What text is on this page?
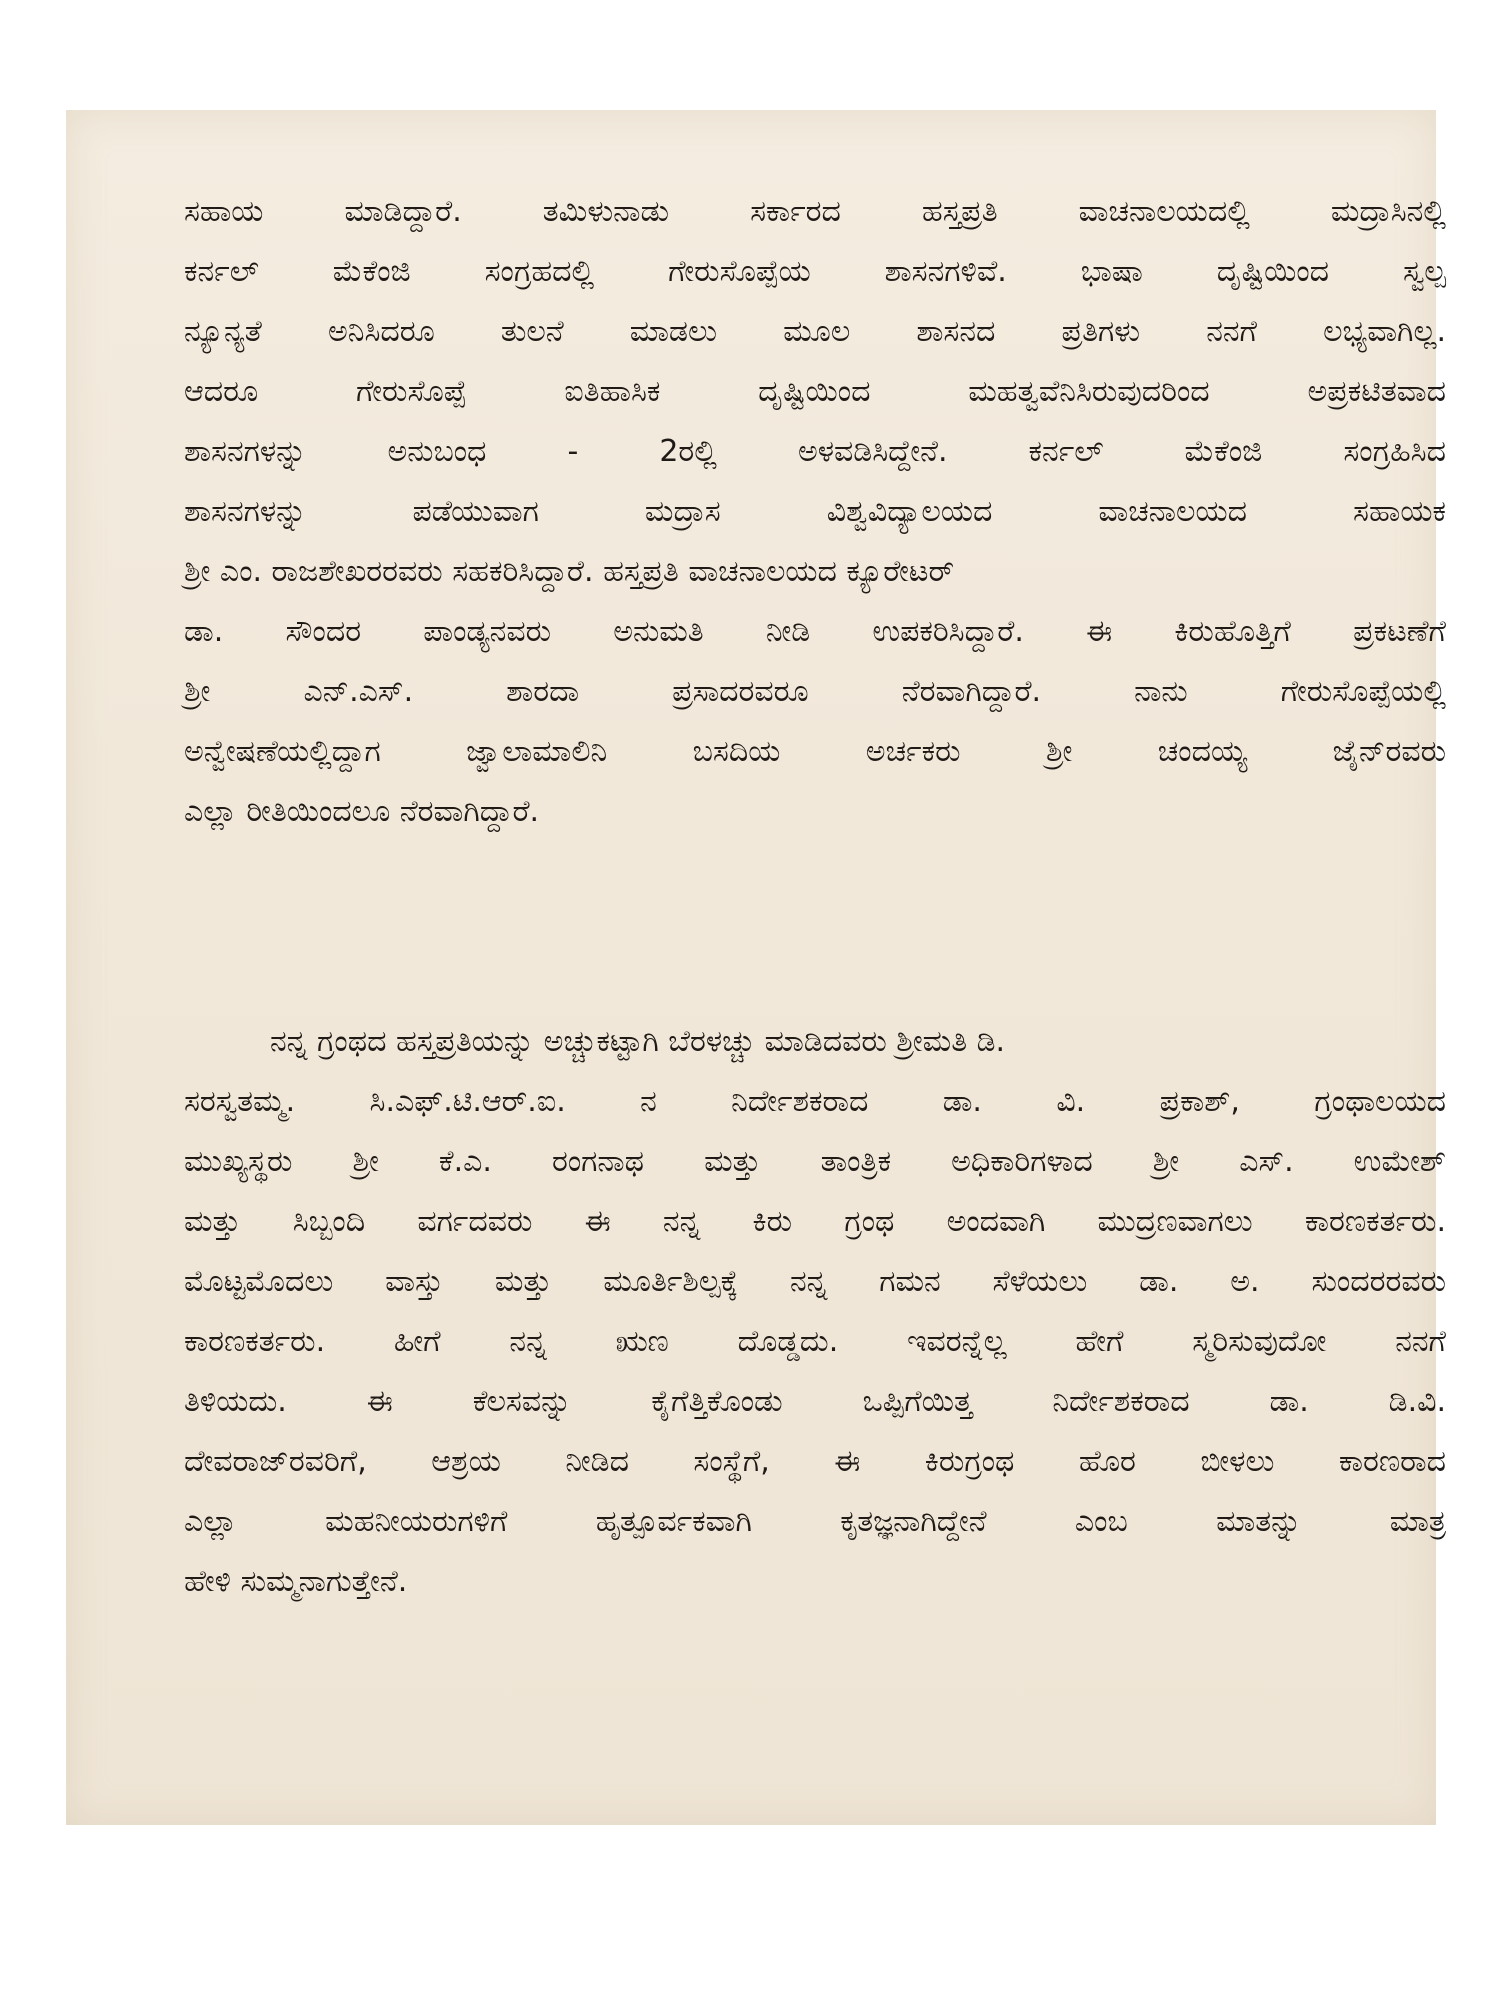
ಸಹಾಯ ಮಾಡಿದ್ದಾರೆ. ತಮಿಳುನಾಡು ಸರ್ಕಾರದ ಹಸ್ತಪ್ರತಿ ವಾಚನಾಲಯದಲ್ಲಿ ಮದ್ರಾಸಿನಲ್ಲಿ
ಕರ್ನಲ್ ಮೆಕೆಂಜಿ ಸಂಗ್ರಹದಲ್ಲಿ ಗೇರುಸೊಪ್ಪೆಯ ಶಾಸನಗಳಿವೆ. ಭಾಷಾ ದೃಷ್ಟಿಯಿಂದ ಸ್ವಲ್ಪ
ನ್ಯೂನ್ಯತೆ ಅನಿಸಿದರೂ ತುಲನೆ ಮಾಡಲು ಮೂಲ ಶಾಸನದ ಪ್ರತಿಗಳು ನನಗೆ ಲಭ್ಯವಾಗಿಲ್ಲ.
ಆದರೂ ಗೇರುಸೊಪ್ಪೆ ಐತಿಹಾಸಿಕ ದೃಷ್ಟಿಯಿಂದ ಮಹತ್ವವೆನಿಸಿರುವುದರಿಂದ ಅಪ್ರಕಟಿತವಾದ
ಶಾಸನಗಳನ್ನು ಅನುಬಂಧ - 2ರಲ್ಲಿ ಅಳವಡಿಸಿದ್ದೇನೆ. ಕರ್ನಲ್ ಮೆಕೆಂಜಿ ಸಂಗ್ರಹಿಸಿದ
ಶಾಸನಗಳನ್ನು ಪಡೆಯುವಾಗ ಮದ್ರಾಸ ವಿಶ್ವವಿದ್ಯಾಲಯದ ವಾಚನಾಲಯದ ಸಹಾಯಕ
ಶ್ರೀ ಎಂ. ರಾಜಶೇಖರರವರು ಸಹಕರಿಸಿದ್ದಾರೆ. ಹಸ್ತಪ್ರತಿ ವಾಚನಾಲಯದ ಕ್ಯೂರೇಟರ್
ಡಾ. ಸೌಂದರ ಪಾಂಡ್ಯನವರು ಅನುಮತಿ ನೀಡಿ ಉಪಕರಿಸಿದ್ದಾರೆ. ಈ ಕಿರುಹೊತ್ತಿಗೆ ಪ್ರಕಟಣೆಗೆ
ಶ್ರೀ ಎನ್.ಎಸ್. ಶಾರದಾ ಪ್ರಸಾದರವರೂ ನೆರವಾಗಿದ್ದಾರೆ. ನಾನು ಗೇರುಸೊಪ್ಪೆಯಲ್ಲಿ
ಅನ್ವೇಷಣೆಯಲ್ಲಿದ್ದಾಗ ಜ್ವಾಲಾಮಾಲಿನಿ ಬಸದಿಯ ಅರ್ಚಕರು ಶ್ರೀ ಚಂದಯ್ಯ ಜೈನ್‌ರವರು
ಎಲ್ಲಾ ರೀತಿಯಿಂದಲೂ ನೆರವಾಗಿದ್ದಾರೆ.
ನನ್ನ ಗ್ರಂಥದ ಹಸ್ತಪ್ರತಿಯನ್ನು ಅಚ್ಚುಕಟ್ಟಾಗಿ ಬೆರಳಚ್ಚು ಮಾಡಿದವರು ಶ್ರೀಮತಿ ಡಿ.
ಸರಸ್ವತಮ್ಮ. ಸಿ.ಎಫ್.ಟಿ.ಆರ್.ಐ. ನ ನಿರ್ದೇಶಕರಾದ ಡಾ. ವಿ. ಪ್ರಕಾಶ್, ಗ್ರಂಥಾಲಯದ
ಮುಖ್ಯಸ್ಥರು ಶ್ರೀ ಕೆ.ಎ. ರಂಗನಾಥ ಮತ್ತು ತಾಂತ್ರಿಕ ಅಧಿಕಾರಿಗಳಾದ ಶ್ರೀ ಎಸ್. ಉಮೇಶ್
ಮತ್ತು ಸಿಬ್ಬಂದಿ ವರ್ಗದವರು ಈ ನನ್ನ ಕಿರು ಗ್ರಂಥ ಅಂದವಾಗಿ ಮುದ್ರಣವಾಗಲು ಕಾರಣಕರ್ತರು.
ಮೊಟ್ಟಮೊದಲು ವಾಸ್ತು ಮತ್ತು ಮೂರ್ತಿಶಿಲ್ಪಕ್ಕೆ ನನ್ನ ಗಮನ ಸೆಳೆಯಲು ಡಾ. ಅ. ಸುಂದರರವರು
ಕಾರಣಕರ್ತರು. ಹೀಗೆ ನನ್ನ ಋಣ ದೊಡ್ಡದು. ಇವರನ್ನೆಲ್ಲ ಹೇಗೆ ಸ್ಮರಿಸುವುದೋ ನನಗೆ
ತಿಳಿಯದು. ಈ ಕೆಲಸವನ್ನು ಕೈಗೆತ್ತಿಕೊಂಡು ಒಪ್ಪಿಗೆಯಿತ್ತ ನಿರ್ದೇಶಕರಾದ ಡಾ. ಡಿ.ವಿ.
ದೇವರಾಜ್‌ರವರಿಗೆ, ಆಶ್ರಯ ನೀಡಿದ ಸಂಸ್ಥೆಗೆ, ಈ ಕಿರುಗ್ರಂಥ ಹೊರ ಬೀಳಲು ಕಾರಣರಾದ
ಎಲ್ಲಾ ಮಹನೀಯರುಗಳಿಗೆ ಹೃತ್ಪೂರ್ವಕವಾಗಿ ಕೃತಜ್ಞನಾಗಿದ್ದೇನೆ ಎಂಬ ಮಾತನ್ನು ಮಾತ್ರ
ಹೇಳಿ ಸುಮ್ಮನಾಗುತ್ತೇನೆ.
